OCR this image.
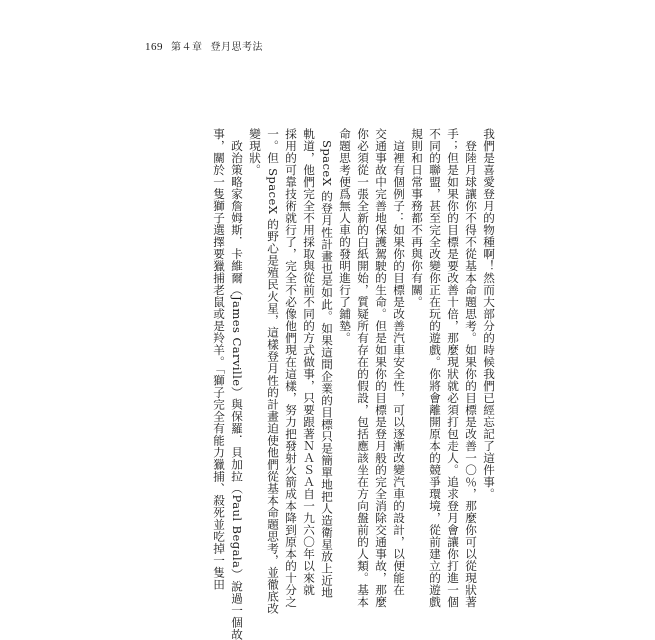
169 第４章 登月思考法
我們是喜愛登月的物種啊！然而大部分的時候我們已經忘記了這件事。
　登陸月球讓你不得不從基本命題思考。如果你的目標是改善一〇％，那麼你可以從現狀著
手；但是如果你的目標是要改善十倍，那麼現狀就必須打包走人。追求登月會讓你打進一個
不同的聯盟，甚至完全改變你正在玩的遊戲。你將會離開原本的競爭環境，從前建立的遊戲
規則和日常事務都不再與你有關。
　這裡有個例子：如果你的目標是改善汽車安全性，可以逐漸改變汽車的設計，以便能在
交通事故中完善地保護駕駛的生命。但是如果你的目標是登月般的完全消除交通事故，那麼
你必須從一張全新的白紙開始，質疑所有存在的假設，包括應該坐在方向盤前的人類。基本
命題思考便爲無人車的發明進行了鋪墊。
　SpaceX 的登月性計畫也是如此。如果這間企業的目標只是簡單地把人造衛星放上近地
軌道，他們完全不用採取與從前不同的方式做事，只要跟著ＮＡＳＡ自一九六〇年以來就
採用的可靠技術就行了，完全不必像他們現在這樣，努力把發射火箭成本降到原本的十分之
一。但 SpaceX 的野心是殖民火星，這樣登月性的計畫迫使他們從基本命題思考，並徹底改
變現狀。
　政治策略家詹姆斯．卡維爾（James Carville）與保羅．貝加拉（Paul Begala）說過一個故
事，關於一隻獅子選擇要獵捕老鼠或是羚羊。「獅子完全有能力獵捕、殺死並吃掉一隻田
